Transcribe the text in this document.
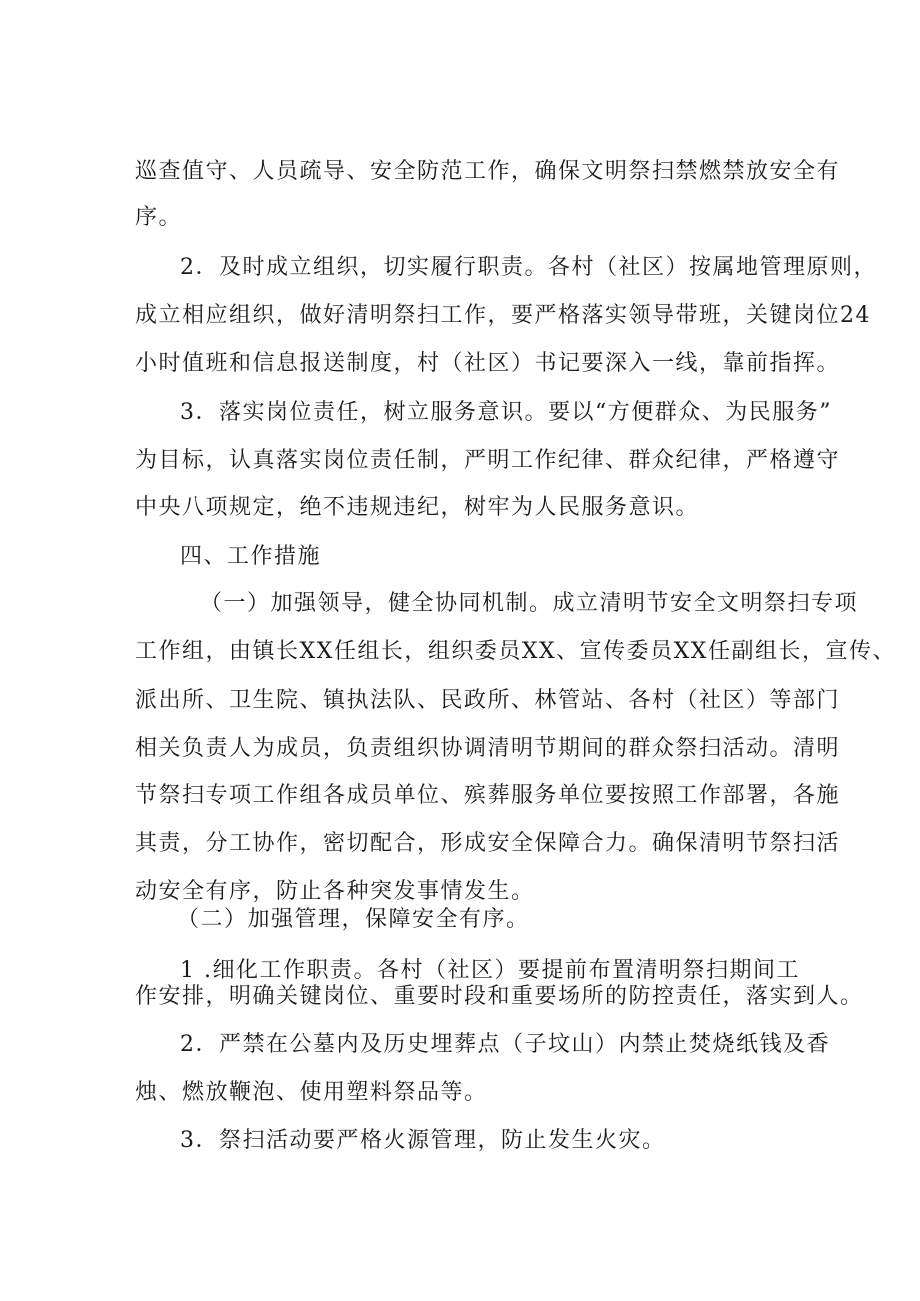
巡查值守、人员疏导、安全防范工作，确保文明祭扫禁燃禁放安全有
序。
2．及时成立组织，切实履行职责。各村（社区）按属地管理原则，
成立相应组织，做好清明祭扫工作，要严格落实领导带班，关键岗位24
小时值班和信息报送制度，村（社区）书记要深入一线，靠前指挥。
3．落实岗位责任，树立服务意识。要以“方便群众、为民服务”
为目标，认真落实岗位责任制，严明工作纪律、群众纪律，严格遵守
中央八项规定，绝不违规违纪，树牢为人民服务意识。
四、工作措施
（一）加强领导，健全协同机制。成立清明节安全文明祭扫专项
工作组，由镇长XX任组长，组织委员XX、宣传委员XX任副组长，宣传、
派出所、卫生院、镇执法队、民政所、林管站、各村（社区）等部门
相关负责人为成员，负责组织协调清明节期间的群众祭扫活动。清明
节祭扫专项工作组各成员单位、殡葬服务单位要按照工作部署，各施
其责，分工协作，密切配合，形成安全保障合力。确保清明节祭扫活
动安全有序，防止各种突发事情发生。
（二）加强管理，保障安全有序。
1 .细化工作职责。各村（社区）要提前布置清明祭扫期间工
作安排，明确关键岗位、重要时段和重要场所的防控责任，落实到人。
2．严禁在公墓内及历史埋葬点（子坟山）内禁止焚烧纸钱及香
烛、燃放鞭泡、使用塑料祭品等。
3．祭扫活动要严格火源管理，防止发生火灾。
